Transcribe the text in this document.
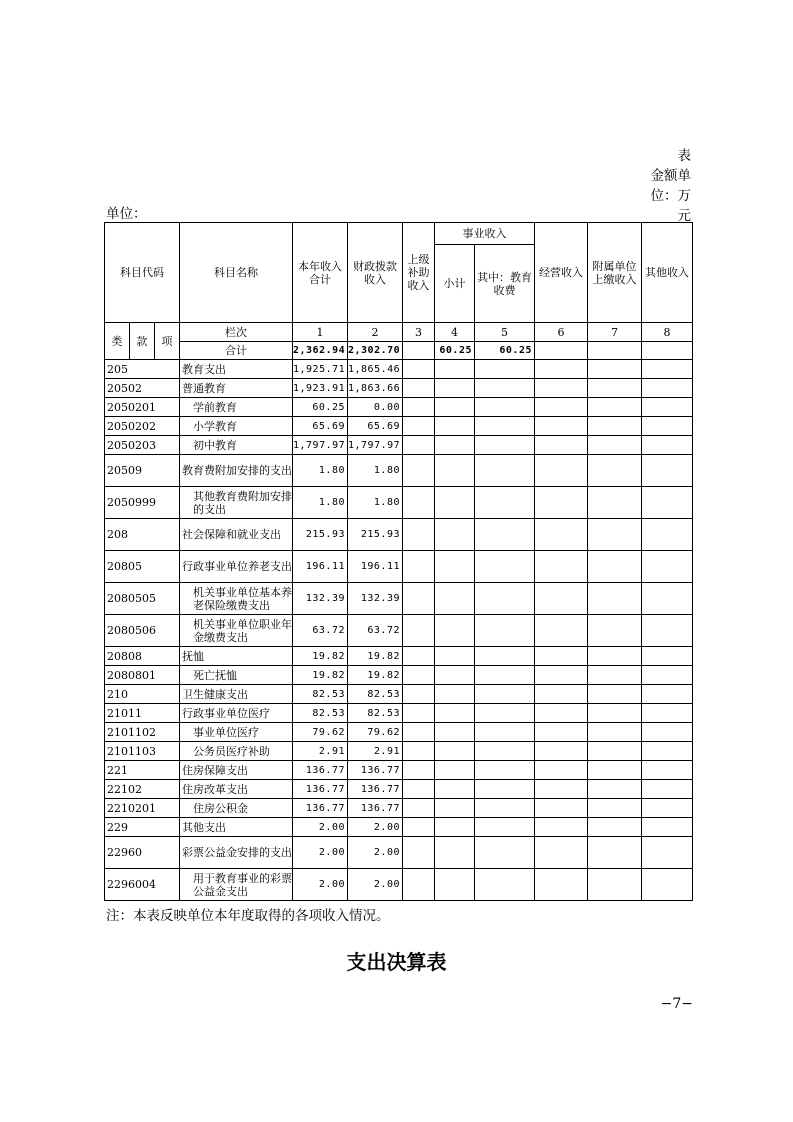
表
金额单
位：万
元
单位：
科目代码			科目名称	本年收入合计	财政拨款收入	上级补助收入	事业收入		经营收入	附属单位上缴收入	其他收入
							小计	其中：教育收费			
类	款	项	栏次	1	2	3	4	5	6	7	8
			合计	2,362.94	2,302.70		60.25	60.25			
205			教育支出	1,925.71	1,865.46						
20502			普通教育	1,923.91	1,863.66						
2050201			学前教育	60.25	0.00						
2050202			小学教育	65.69	65.69						
2050203			初中教育	1,797.97	1,797.97						
20509			教育费附加安排的支出	1.80	1.80						
2050999			其他教育费附加安排的支出	1.80	1.80						
208			社会保障和就业支出	215.93	215.93						
20805			行政事业单位养老支出	196.11	196.11						
2080505			机关事业单位基本养老保险缴费支出	132.39	132.39						
2080506			机关事业单位职业年金缴费支出	63.72	63.72						
20808			抚恤	19.82	19.82						
2080801			死亡抚恤	19.82	19.82						
210			卫生健康支出	82.53	82.53						
21011			行政事业单位医疗	82.53	82.53						
2101102			事业单位医疗	79.62	79.62						
2101103			公务员医疗补助	2.91	2.91						
221			住房保障支出	136.77	136.77						
22102			住房改革支出	136.77	136.77						
2210201			住房公积金	136.77	136.77						
229			其他支出	2.00	2.00						
22960			彩票公益金安排的支出	2.00	2.00						
2296004			用于教育事业的彩票公益金支出	2.00	2.00						
注：本表反映单位本年度取得的各项收入情况。
支出决算表
−7−
